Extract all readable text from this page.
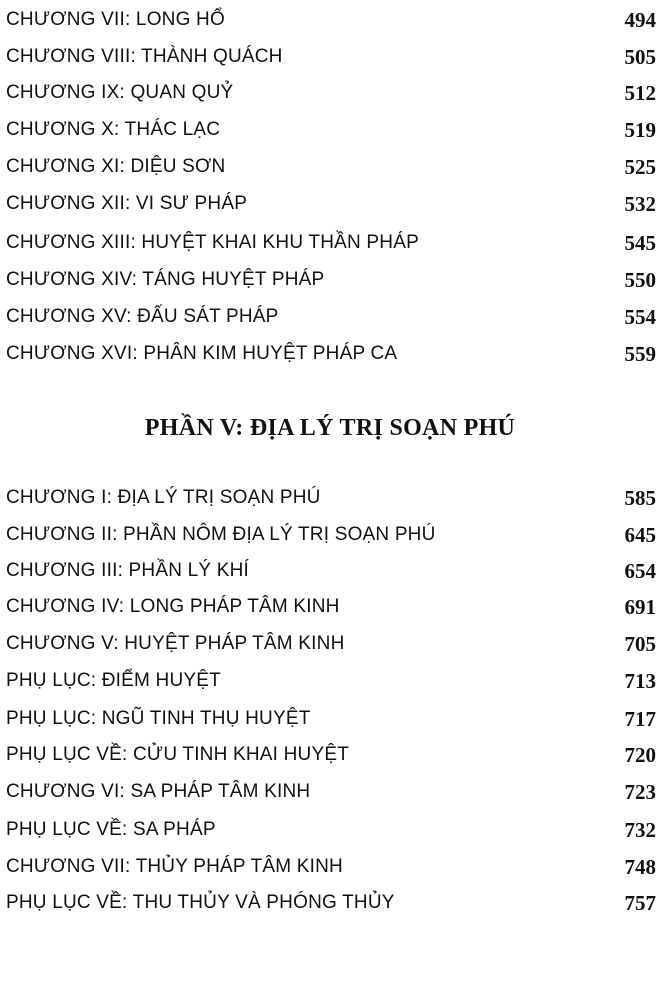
CHƯƠNG VII: LONG HỔ	494
CHƯƠNG VIII: THÀNH QUÁCH	505
CHƯƠNG IX: QUAN QUỶ	512
CHƯƠNG X: THÁC LẠC	519
CHƯƠNG XI: DIỆU SƠN	525
CHƯƠNG XII: VI SƯ PHÁP	532
CHƯƠNG XIII: HUYỆT KHAI KHU THẦN PHÁP	545
CHƯƠNG XIV: TÁNG HUYỆT PHÁP	550
CHƯƠNG XV: ĐẤU SÁT PHÁP	554
CHƯƠNG XVI: PHÂN KIM HUYỆT PHÁP CA	559
PHẦN V: ĐỊA LÝ TRỊ SOẠN PHÚ
CHƯƠNG I: ĐỊA LÝ TRỊ SOẠN PHÚ	585
CHƯƠNG II: PHẦN NÔM ĐỊA LÝ TRỊ SOẠN PHÚ	645
CHƯƠNG III: PHẦN LÝ KHÍ	654
CHƯƠNG IV: LONG PHÁP TÂM KINH	691
CHƯƠNG V: HUYỆT PHÁP TÂM KINH	705
PHỤ LỤC: ĐIỂM HUYỆT	713
PHỤ LỤC: NGŨ TINH THỤ HUYỆT	717
PHỤ LỤC VỀ: CỬU TINH KHAI HUYỆT	720
CHƯƠNG VI: SA PHÁP TÂM KINH	723
PHỤ LỤC VỀ: SA PHÁP	732
CHƯƠNG VII: THỦY PHÁP TÂM KINH	748
PHỤ LỤC VỀ: THU THỦY VÀ PHÓNG THỦY	757
